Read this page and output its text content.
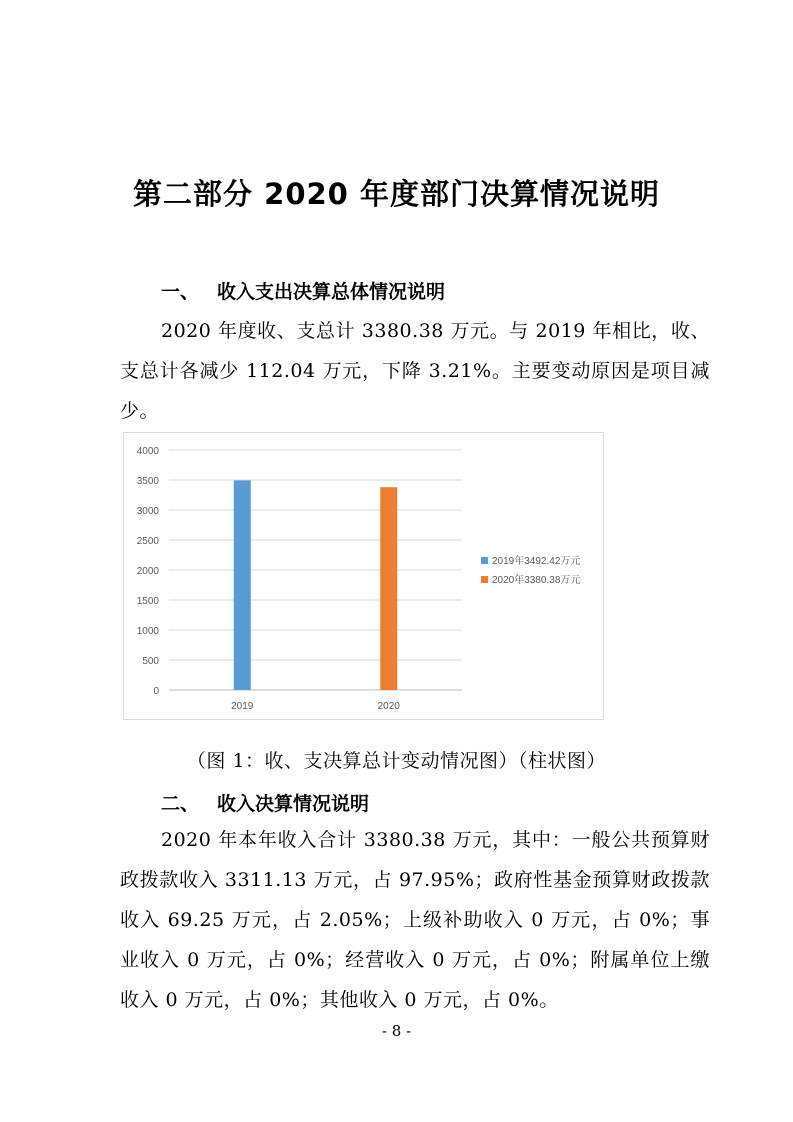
第二部分 2020 年度部门决算情况说明
一、 收入支出决算总体情况说明
2020 年度收、支总计 3380.38 万元。与 2019 年相比，收、支总计各减少 112.04 万元，下降 3.21%。主要变动原因是项目减少。
0
500
1000
1500
2000
2500
3000
3500
4000
2019	2020
2019年3492.42万元
2020年3380.38万元
（图 1：收、支决算总计变动情况图）（柱状图）
二、 收入决算情况说明
2020 年本年收入合计 3380.38 万元，其中：一般公共预算财政拨款收入 3311.13 万元，占 97.95%；政府性基金预算财政拨款收入 69.25 万元，占 2.05%；上级补助收入 0 万元，占 0%；事业收入 0 万元，占 0%；经营收入 0 万元，占 0%；附属单位上缴收入 0 万元，占 0%；其他收入 0 万元，占 0%。
- 8 -
